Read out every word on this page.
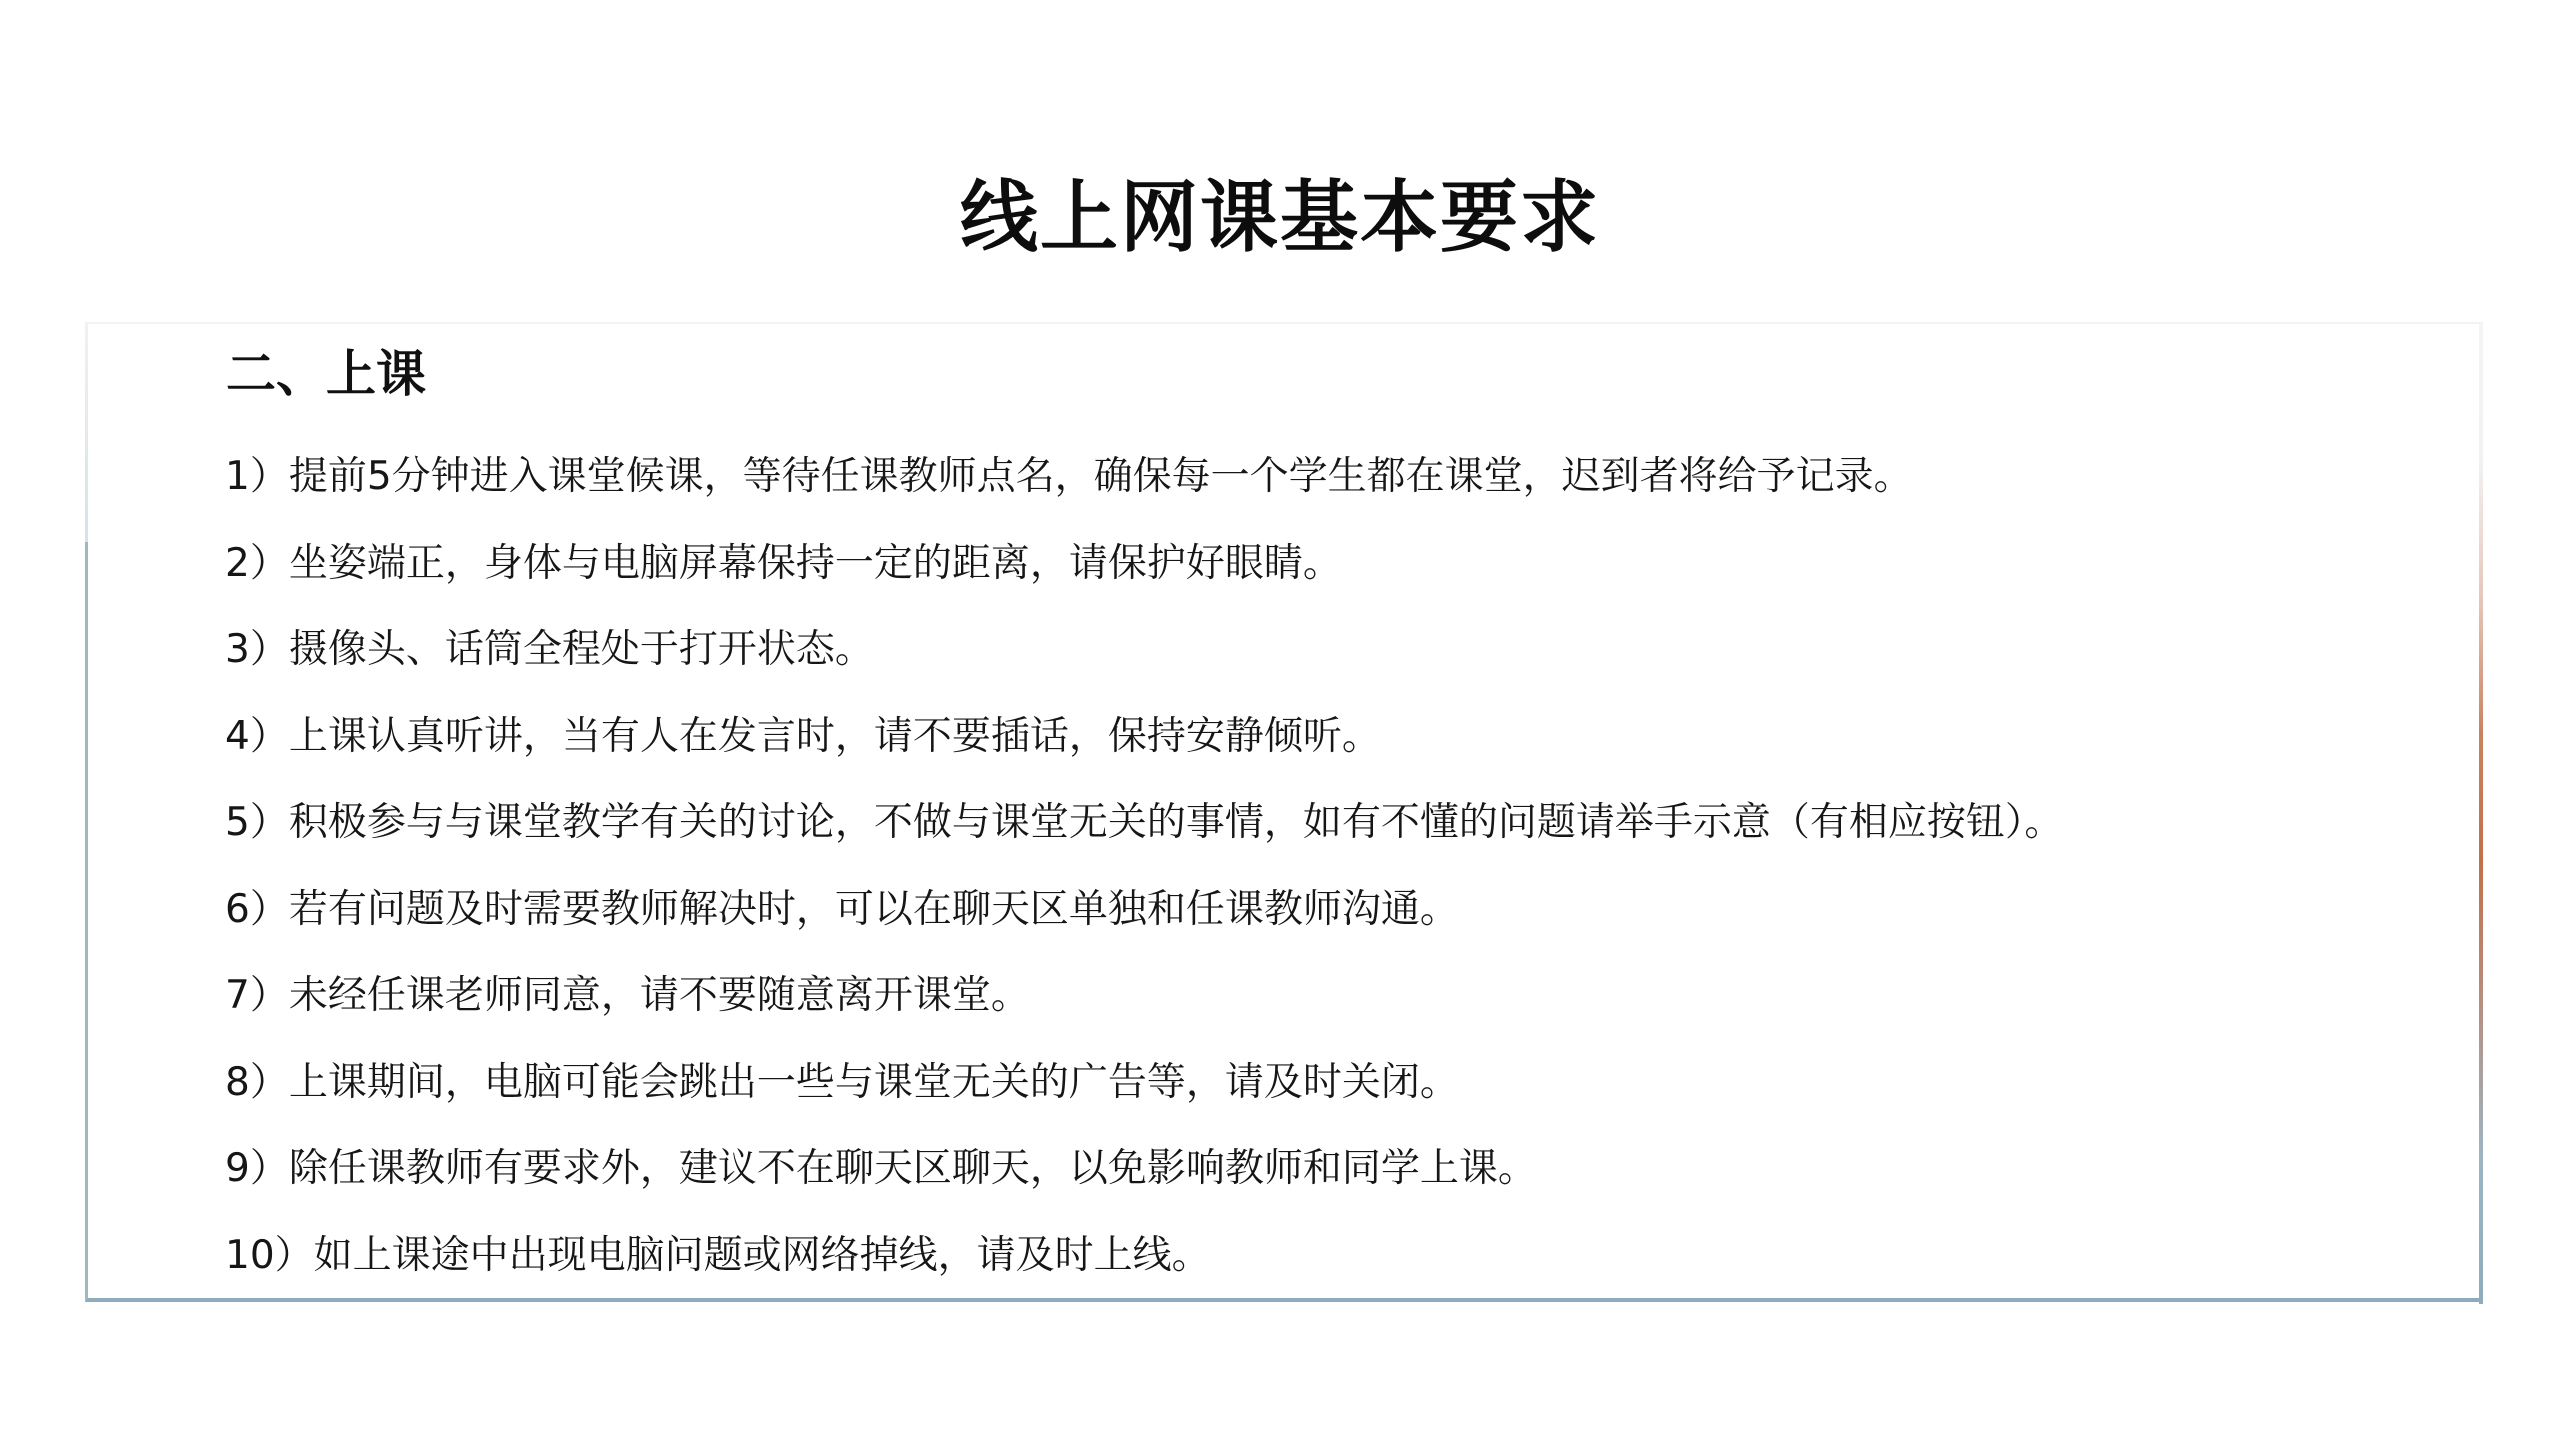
线上网课基本要求
二、上课
1）提前5分钟进入课堂候课，等待任课教师点名，确保每一个学生都在课堂，迟到者将给予记录。
2）坐姿端正，身体与电脑屏幕保持一定的距离，请保护好眼睛。
3）摄像头、话筒全程处于打开状态。
4）上课认真听讲，当有人在发言时，请不要插话，保持安静倾听。
5）积极参与与课堂教学有关的讨论，不做与课堂无关的事情，如有不懂的问题请举手示意（有相应按钮）。
6）若有问题及时需要教师解决时，可以在聊天区单独和任课教师沟通。
7）未经任课老师同意，请不要随意离开课堂。
8）上课期间，电脑可能会跳出一些与课堂无关的广告等，请及时关闭。
9）除任课教师有要求外，建议不在聊天区聊天，以免影响教师和同学上课。
10）如上课途中出现电脑问题或网络掉线，请及时上线。
